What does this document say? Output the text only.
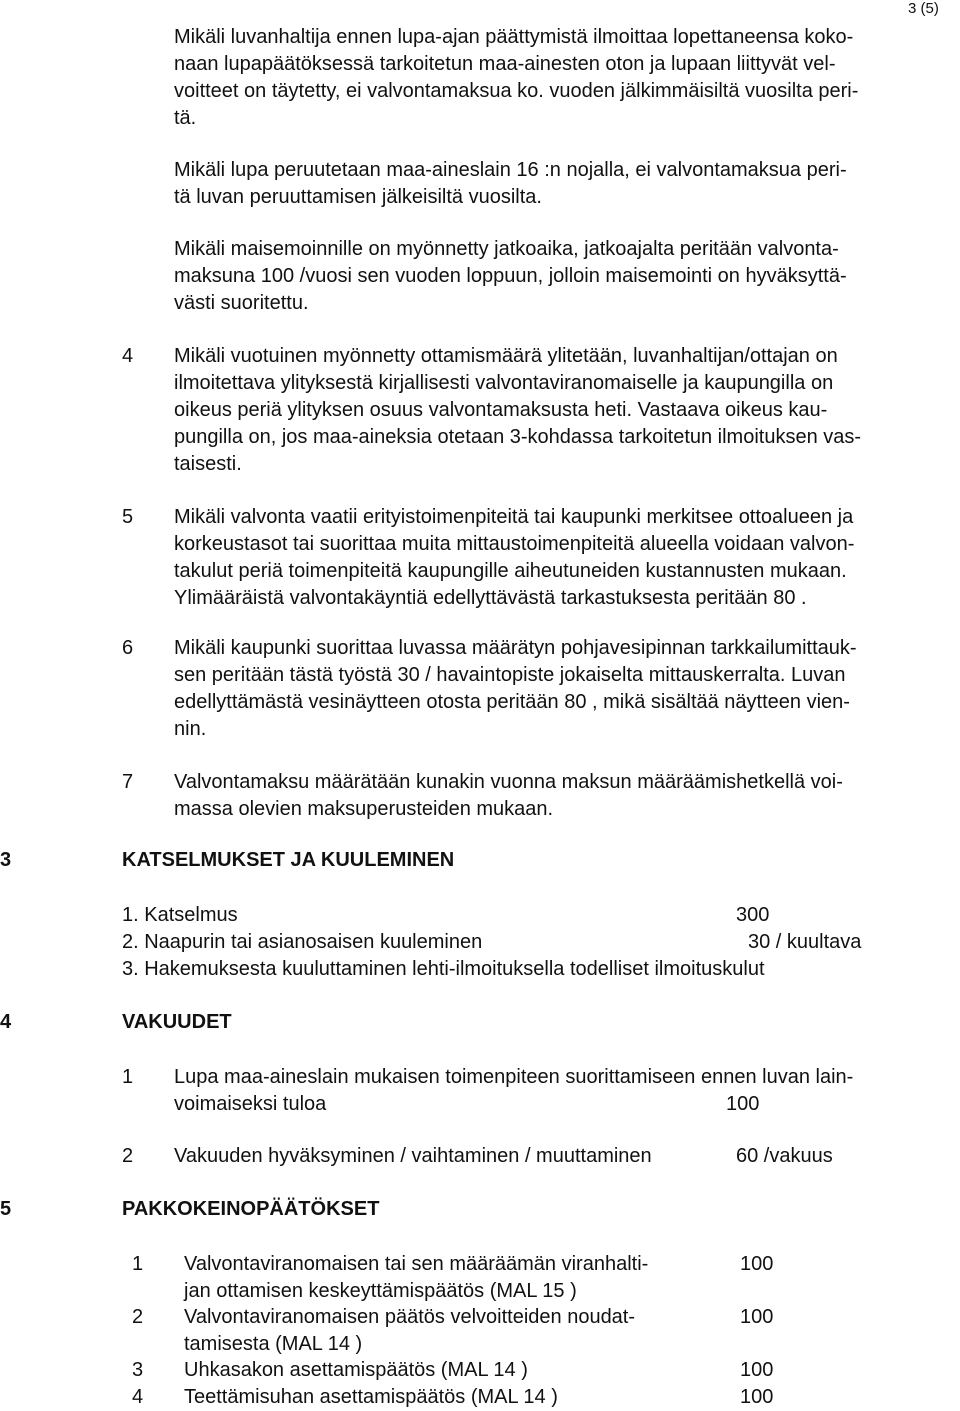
3 (5)
Mikäli luvanhaltija ennen lupa-ajan päättymistä ilmoittaa lopettaneensa koko-
naan lupapäätöksessä tarkoitetun maa-ainesten oton ja lupaan liittyvät vel-
voitteet on täytetty, ei valvontamaksua ko. vuoden jälkimmäisiltä vuosilta peri-
tä.
Mikäli lupa peruutetaan maa-aineslain 16 :n nojalla, ei valvontamaksua peri-
tä luvan peruuttamisen jälkeisiltä vuosilta.
Mikäli maisemoinnille on myönnetty jatkoaika, jatkoajalta peritään valvonta-
maksuna 100 /vuosi sen vuoden loppuun, jolloin maisemointi on hyväksyttä-
västi suoritettu.
4 Mikäli vuotuinen myönnetty ottamismäärä ylitetään, luvanhaltijan/ottajan on
ilmoitettava ylityksestä kirjallisesti valvontaviranomaiselle ja kaupungilla on
oikeus periä ylityksen osuus valvontamaksusta heti. Vastaava oikeus kau-
pungilla on, jos maa-aineksia otetaan 3-kohdassa tarkoitetun ilmoituksen vas-
taisesti.
5 Mikäli valvonta vaatii erityistoimenpiteitä tai kaupunki merkitsee ottoalueen ja
korkeustasot tai suorittaa muita mittaustoimenpiteitä alueella voidaan valvon-
takulut periä toimenpiteitä kaupungille aiheutuneiden kustannusten mukaan.
Ylimääräistä valvontakäyntiä edellyttävästä tarkastuksesta peritään 80 .
6 Mikäli kaupunki suorittaa luvassa määrätyn pohjavesipinnan tarkkailumittauk-
sen peritään tästä työstä 30 / havaintopiste jokaiselta mittauskerralta. Luvan
edellyttämästä vesinäytteen otosta peritään 80 , mikä sisältää näytteen vien-
nin.
7 Valvontamaksu määrätään kunakin vuonna maksun määräämishetkellä voi-
massa olevien maksuperusteiden mukaan.
3	KATSELMUKSET JA KUULEMINEN
1. Katselmus	300
2. Naapurin tai asianosaisen kuuleminen	30 / kuultava
3. Hakemuksesta kuuluttaminen lehti-ilmoituksella todelliset ilmoituskulut
4	VAKUUDET
1 Lupa maa-aineslain mukaisen toimenpiteen suorittamiseen ennen luvan lain-
voimaiseksi tuloa	100
2 Vakuuden hyväksyminen / vaihtaminen / muuttaminen	60 /vakuus
5	PAKKOKEINOPÄÄTÖKSET
1 Valvontaviranomaisen tai sen määräämän viranhalti-
jan ottamisen keskeyttämispäätös (MAL 15 )
100
2 Valvontaviranomaisen päätös velvoitteiden noudat-
tamisesta (MAL 14 )
100
3 Uhkasakon asettamispäätös (MAL 14 )	100
4 Teettämisuhan asettamispäätös (MAL 14 )	100
